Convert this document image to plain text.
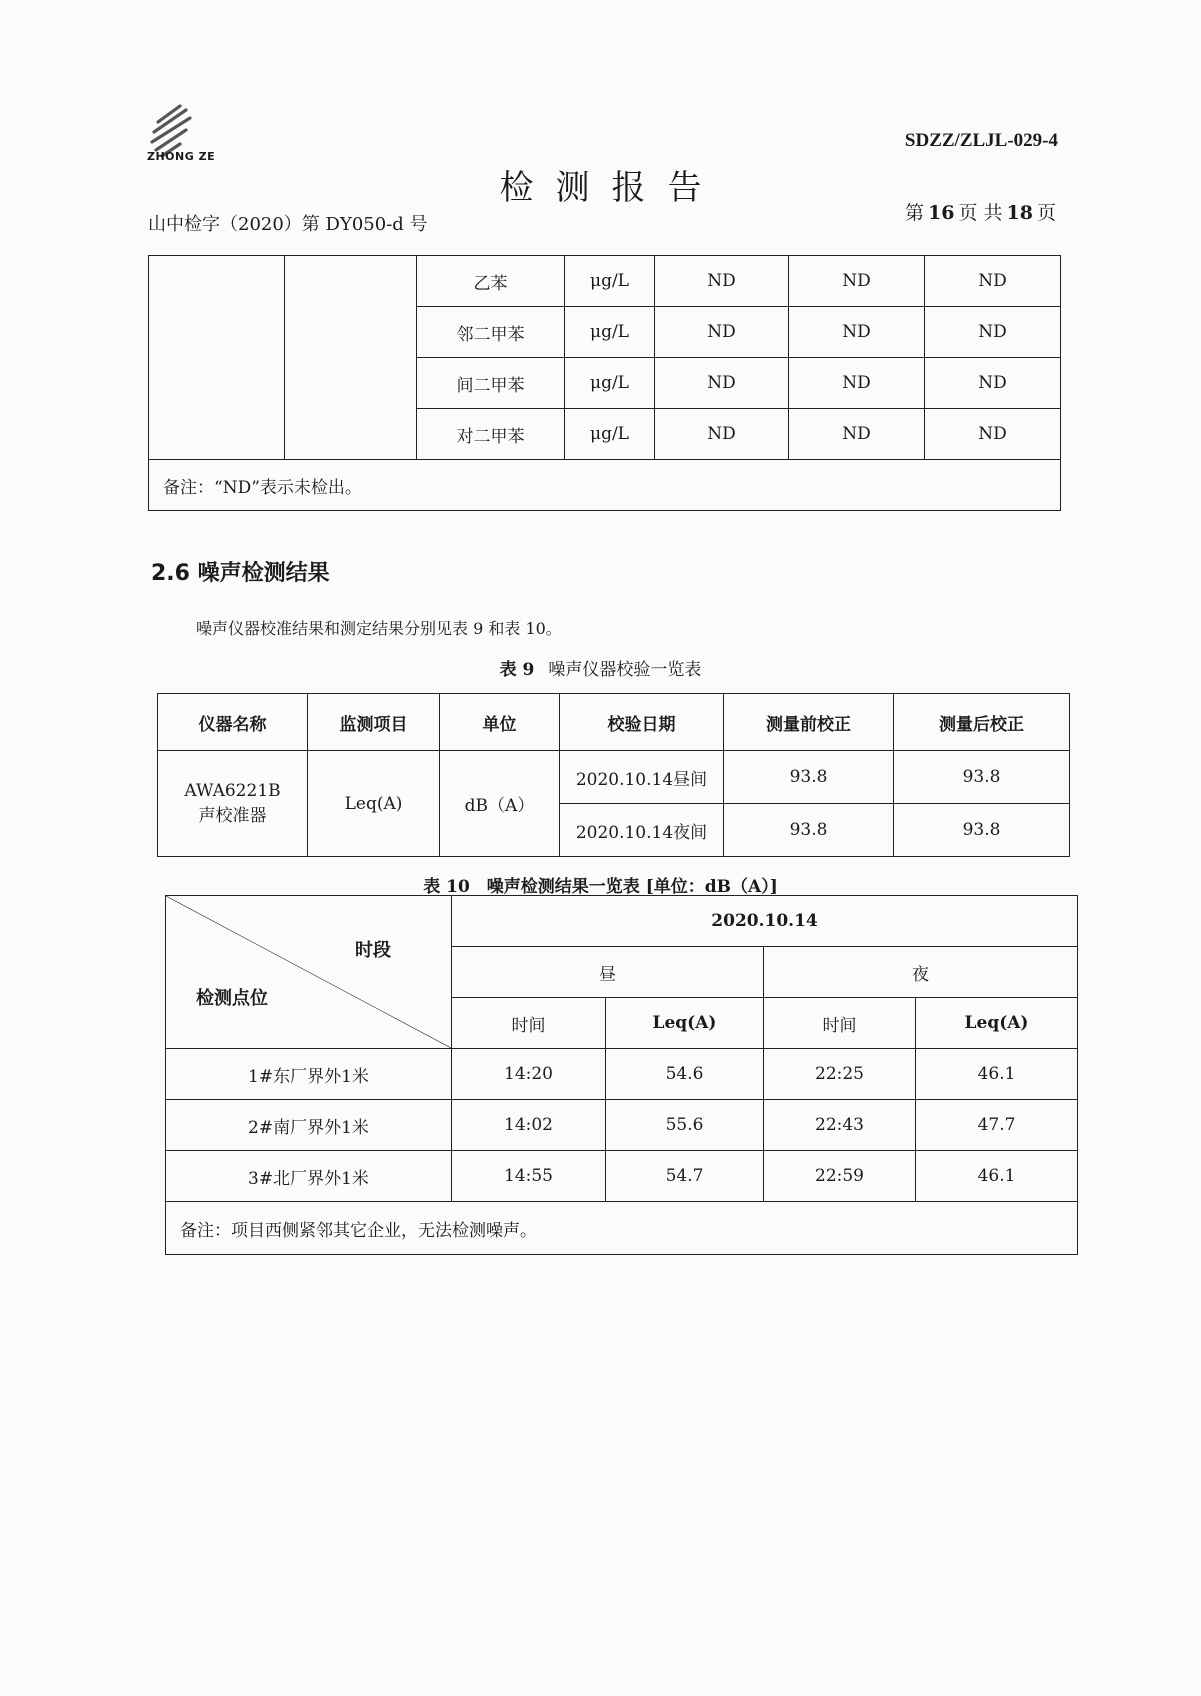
ZHONG ZE
SDZZ/ZLJL-029-4
检测报告
山中检字（2020）第 DY050-d 号
第 16 页 共 18 页
		乙苯	μg/L	ND	ND	ND
		邻二甲苯	μg/L	ND	ND	ND
		间二甲苯	μg/L	ND	ND	ND
		对二甲苯	μg/L	ND	ND	ND
备注：“ND”表示未检出。						
2.6 噪声检测结果
噪声仪器校准结果和测定结果分别见表 9 和表 10。
表 9 噪声仪器校验一览表
仪器名称	监测项目	单位	校验日期	测量前校正	测量后校正

AWA6221B
声校准器	Leq(A)	dB（A）	2020.10.14昼间	93.8	93.8
			2020.10.14夜间	93.8	93.8
表 10　噪声检测结果一览表 [单位：dB（A）]
时段
检测点位	2020.10.14			
	昼		夜	
	时间	Leq(A)	时间	Leq(A)
1#东厂界外1米	14:20	54.6	22:25	46.1
2#南厂界外1米	14:02	55.6	22:43	47.7
3#北厂界外1米	14:55	54.7	22:59	46.1
备注：项目西侧紧邻其它企业，无法检测噪声。				
